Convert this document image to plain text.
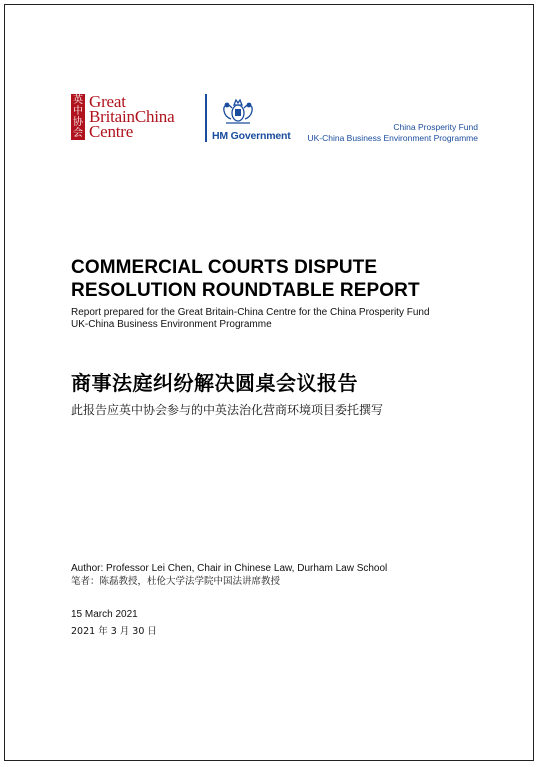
英
中
协
会
Great
BritainChina
Centre	HM Government
China Prosperity Fund
UK-China Business Environment Programme
COMMERCIAL COURTS DISPUTE
RESOLUTION ROUNDTABLE REPORT
Report prepared for the Great Britain-China Centre for the China Prosperity Fund
UK-China Business Environment Programme
商事法庭纠纷解决圆桌会议报告
此报告应英中协会参与的中英法治化营商环境项目委托撰写
Author: Professor Lei Chen, Chair in Chinese Law, Durham Law School
笔者：陈磊教授，杜伦大学法学院中国法讲席教授
15 March 2021
2021 年 3 月 30 日
